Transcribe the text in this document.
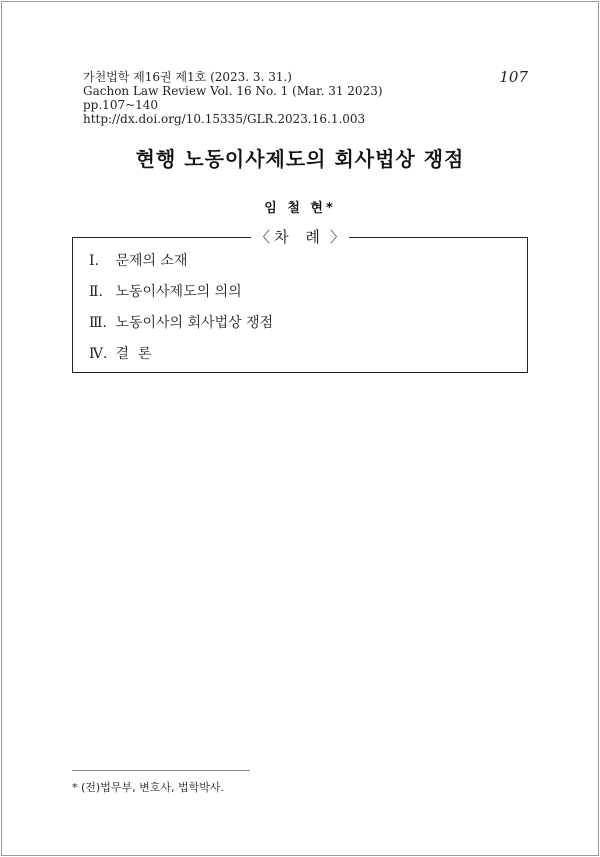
가천법학 제16권 제1호 (2023. 3. 31.)
Gachon Law Review Vol. 16 No. 1 (Mar. 31 2023)
pp.107~140
http://dx.doi.org/10.15335/GLR.2023.16.1.003
107
현행 노동이사제도의 회사법상 쟁점
임 철 현*
〈 차 례 〉
Ⅰ. 문제의 소재
Ⅱ. 노동이사제도의 의의
Ⅲ. 노동이사의 회사법상 쟁점
Ⅳ. 결  론
* (전)법무부, 변호사, 법학박사.
